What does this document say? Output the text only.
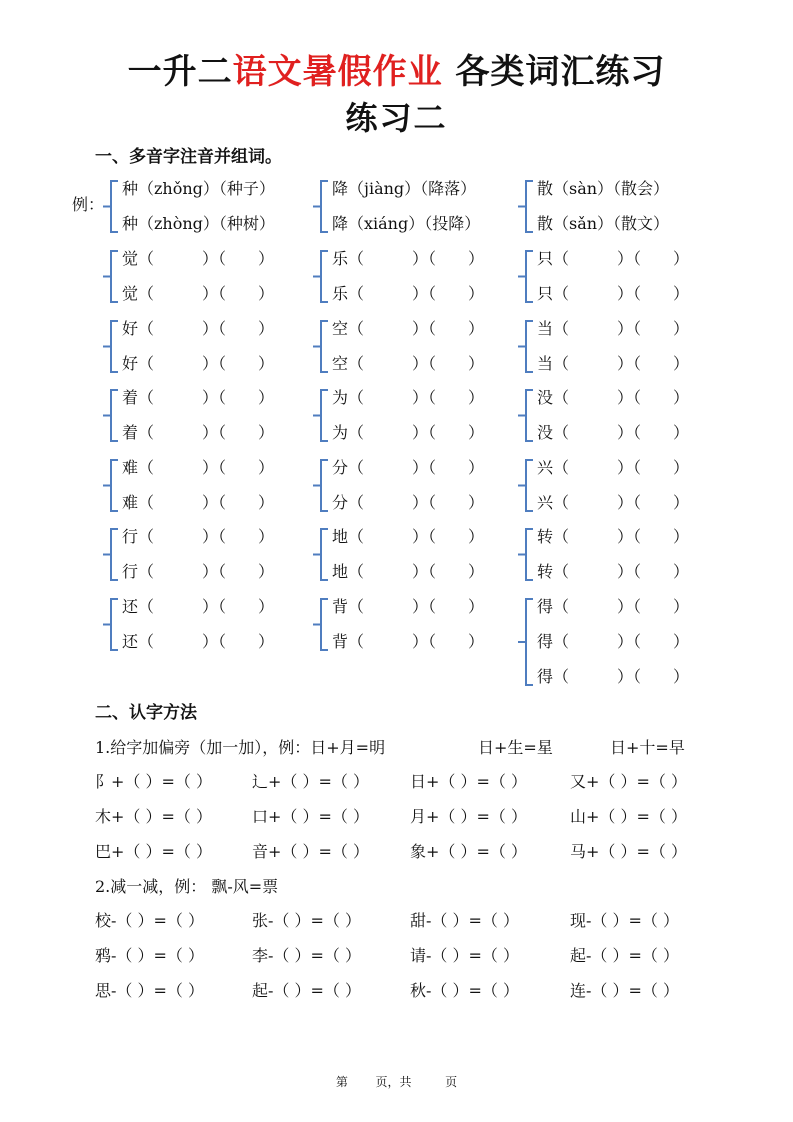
一升二语文暑假作业 各类词汇练习
练习二
一、多音字注音并组词。
例：
种（zhǒng）（种子）
种（zhòng）（种树）
降（jiàng）（降落）
降（xiáng）（投降）
散（sàn）（散会）
散（sǎn）（散文）
觉（　　　）（　　）
觉（　　　）（　　）
乐（　　　）（　　）
乐（　　　）（　　）
只（　　　）（　　）
只（　　　）（　　）
好（　　　）（　　）
好（　　　）（　　）
空（　　　）（　　）
空（　　　）（　　）
当（　　　）（　　）
当（　　　）（　　）
着（　　　）（　　）
着（　　　）（　　）
为（　　　）（　　）
为（　　　）（　　）
没（　　　）（　　）
没（　　　）（　　）
难（　　　）（　　）
难（　　　）（　　）
分（　　　）（　　）
分（　　　）（　　）
兴（　　　）（　　）
兴（　　　）（　　）
行（　　　）（　　）
行（　　　）（　　）
地（　　　）（　　）
地（　　　）（　　）
转（　　　）（　　）
转（　　　）（　　）
还（　　　）（　　）
还（　　　）（　　）
背（　　　）（　　）
背（　　　）（　　）
得（　　　）（　　）
得（　　　）（　　）
得（　　　）（　　）
二、认字方法
1.给字加偏旁（加一加），例：日+月=明	日+生=星	日+十=早
阝+（ ）=（ ）	辶+（ ）=（ ）	日+（ ）=（ ）	又+（ ）=（ ）
木+（ ）=（ ）	口+（ ）=（ ）	月+（ ）=（ ）	山+（ ）=（ ）
巴+（ ）=（ ）	音+（ ）=（ ）	象+（ ）=（ ）	马+（ ）=（ ）
2.减一减，例： 飘-风=票
校-（ ）=（ ）	张-（ ）=（ ）	甜-（ ）=（ ）	现-（ ）=（ ）
鸦-（ ）=（ ）	李-（ ）=（ ）	请-（ ）=（ ）	起-（ ）=（ ）
思-（ ）=（ ）	起-（ ）=（ ）	秋-（ ）=（ ）	连-（ ）=（ ）
第 页，共	页
